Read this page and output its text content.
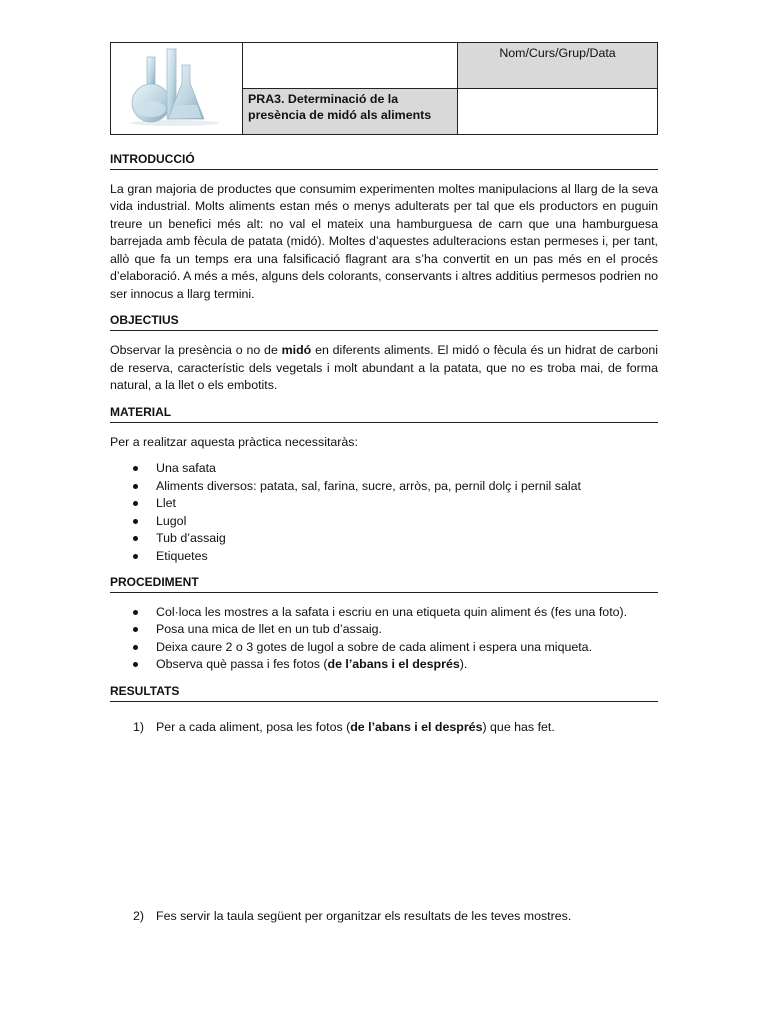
		Nom/Curs/Grup/Data
	PRA3. Determinació de la presència de midó als aliments	
INTRODUCCIÓ

La gran majoria de productes que consumim experimenten moltes manipulacions al llarg de la seva vida industrial. Molts aliments estan més o menys adulterats per tal que els productors en puguin treure un benefici més alt: no val el mateix una hamburguesa de carn que una hamburguesa barrejada amb fècula de patata (midó). Moltes d’aquestes adulteracions estan permeses i, per tant, allò que fa un temps era una falsificació flagrant ara s’ha convertit en un pas més en el procés d’elaboració. A més a més, alguns dels colorants, conservants i altres additius permesos podrien no ser innocus a llarg termini.

OBJECTIUS

Observar la presència o no de midó en diferents aliments. El midó o fècula és un hidrat de carboni de reserva, característic dels vegetals i molt abundant a la patata, que no es troba mai, de forma natural, a la llet o els embotits.

MATERIAL

Per a realitzar aquesta pràctica necessitaràs:

Una safata
Aliments diversos: patata, sal, farina, sucre, arròs, pa, pernil dolç i pernil salat
Llet
Lugol
Tub d’assaig
Etiquetes
PROCEDIMENT
Col·loca les mostres a la safata i escriu en una etiqueta quin aliment és (fes una foto).
Posa una mica de llet en un tub d’assaig.
Deixa caure 2 o 3 gotes de lugol a sobre de cada aliment i espera una miqueta.
Observa què passa i fes fotos (de l’abans i el després).
RESULTATS
1) Per a cada aliment, posa les fotos (de l’abans i el després) que has fet.
2) Fes servir la taula següent per organitzar els resultats de les teves mostres.
